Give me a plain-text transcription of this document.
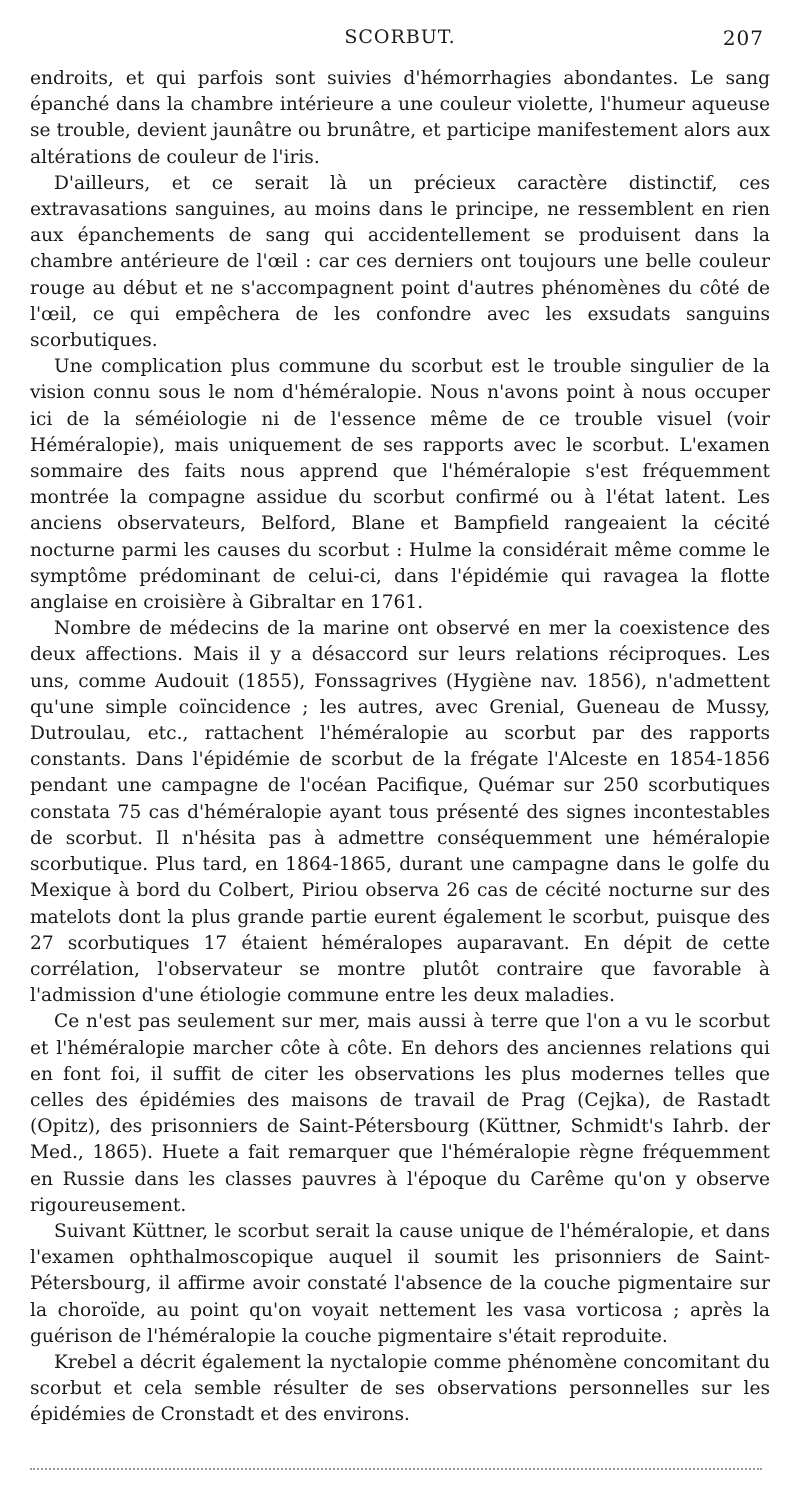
SCORBUT.	207

endroits, et qui parfois sont suivies d'hémorrhagies abondantes. Le sang épanché dans la chambre intérieure a une couleur violette, l'humeur aqueuse se trouble, devient jaunâtre ou brunâtre, et participe manifestement alors aux altérations de couleur de l'iris.

D'ailleurs, et ce serait là un précieux caractère distinctif, ces extravasations sanguines, au moins dans le principe, ne ressemblent en rien aux épanchements de sang qui accidentellement se produisent dans la chambre antérieure de l'œil : car ces derniers ont toujours une belle couleur rouge au début et ne s'accompagnent point d'autres phénomènes du côté de l'œil, ce qui empêchera de les confondre avec les exsudats sanguins scorbutiques.

Une complication plus commune du scorbut est le trouble singulier de la vision connu sous le nom d'héméralopie. Nous n'avons point à nous occuper ici de la séméiologie ni de l'essence même de ce trouble visuel (voir Héméralopie), mais uniquement de ses rapports avec le scorbut. L'examen sommaire des faits nous apprend que l'héméralopie s'est fréquemment montrée la compagne assidue du scorbut confirmé ou à l'état latent. Les anciens observateurs, Belford, Blane et Bampfield rangeaient la cécité nocturne parmi les causes du scorbut : Hulme la considérait même comme le symptôme prédominant de celui-ci, dans l'épidémie qui ravagea la flotte anglaise en croisière à Gibraltar en 1761.

Nombre de médecins de la marine ont observé en mer la coexistence des deux affections. Mais il y a désaccord sur leurs relations réciproques. Les uns, comme Audouit (1855), Fonssagrives (Hygiène nav. 1856), n'admettent qu'une simple coïncidence ; les autres, avec Grenial, Gueneau de Mussy, Dutroulau, etc., rattachent l'héméralopie au scorbut par des rapports constants. Dans l'épidémie de scorbut de la frégate l'Alceste en 1854-1856 pendant une campagne de l'océan Pacifique, Quémar sur 250 scorbutiques constata 75 cas d'héméralopie ayant tous présenté des signes incontestables de scorbut. Il n'hésita pas à admettre conséquemment une héméralopie scorbutique. Plus tard, en 1864-1865, durant une campagne dans le golfe du Mexique à bord du Colbert, Piriou observa 26 cas de cécité nocturne sur des matelots dont la plus grande partie eurent également le scorbut, puisque des 27 scorbutiques 17 étaient héméralopes auparavant. En dépit de cette corrélation, l'observateur se montre plutôt contraire que favorable à l'admission d'une étiologie commune entre les deux maladies.

Ce n'est pas seulement sur mer, mais aussi à terre que l'on a vu le scorbut et l'héméralopie marcher côte à côte. En dehors des anciennes relations qui en font foi, il suffit de citer les observations les plus modernes telles que celles des épidémies des maisons de travail de Prag (Cejka), de Rastadt (Opitz), des prisonniers de Saint-Pétersbourg (Küttner, Schmidt's Iahrb. der Med., 1865). Huete a fait remarquer que l'héméralopie règne fréquemment en Russie dans les classes pauvres à l'époque du Carême qu'on y observe rigoureusement.

Suivant Küttner, le scorbut serait la cause unique de l'héméralopie, et dans l'examen ophthalmoscopique auquel il soumit les prisonniers de Saint-Pétersbourg, il affirme avoir constaté l'absence de la couche pigmentaire sur la choroïde, au point qu'on voyait nettement les vasa vorticosa ; après la guérison de l'héméralopie la couche pigmentaire s'était reproduite.

Krebel a décrit également la nyctalopie comme phénomène concomitant du scorbut et cela semble résulter de ses observations personnelles sur les épidémies de Cronstadt et des environs.
